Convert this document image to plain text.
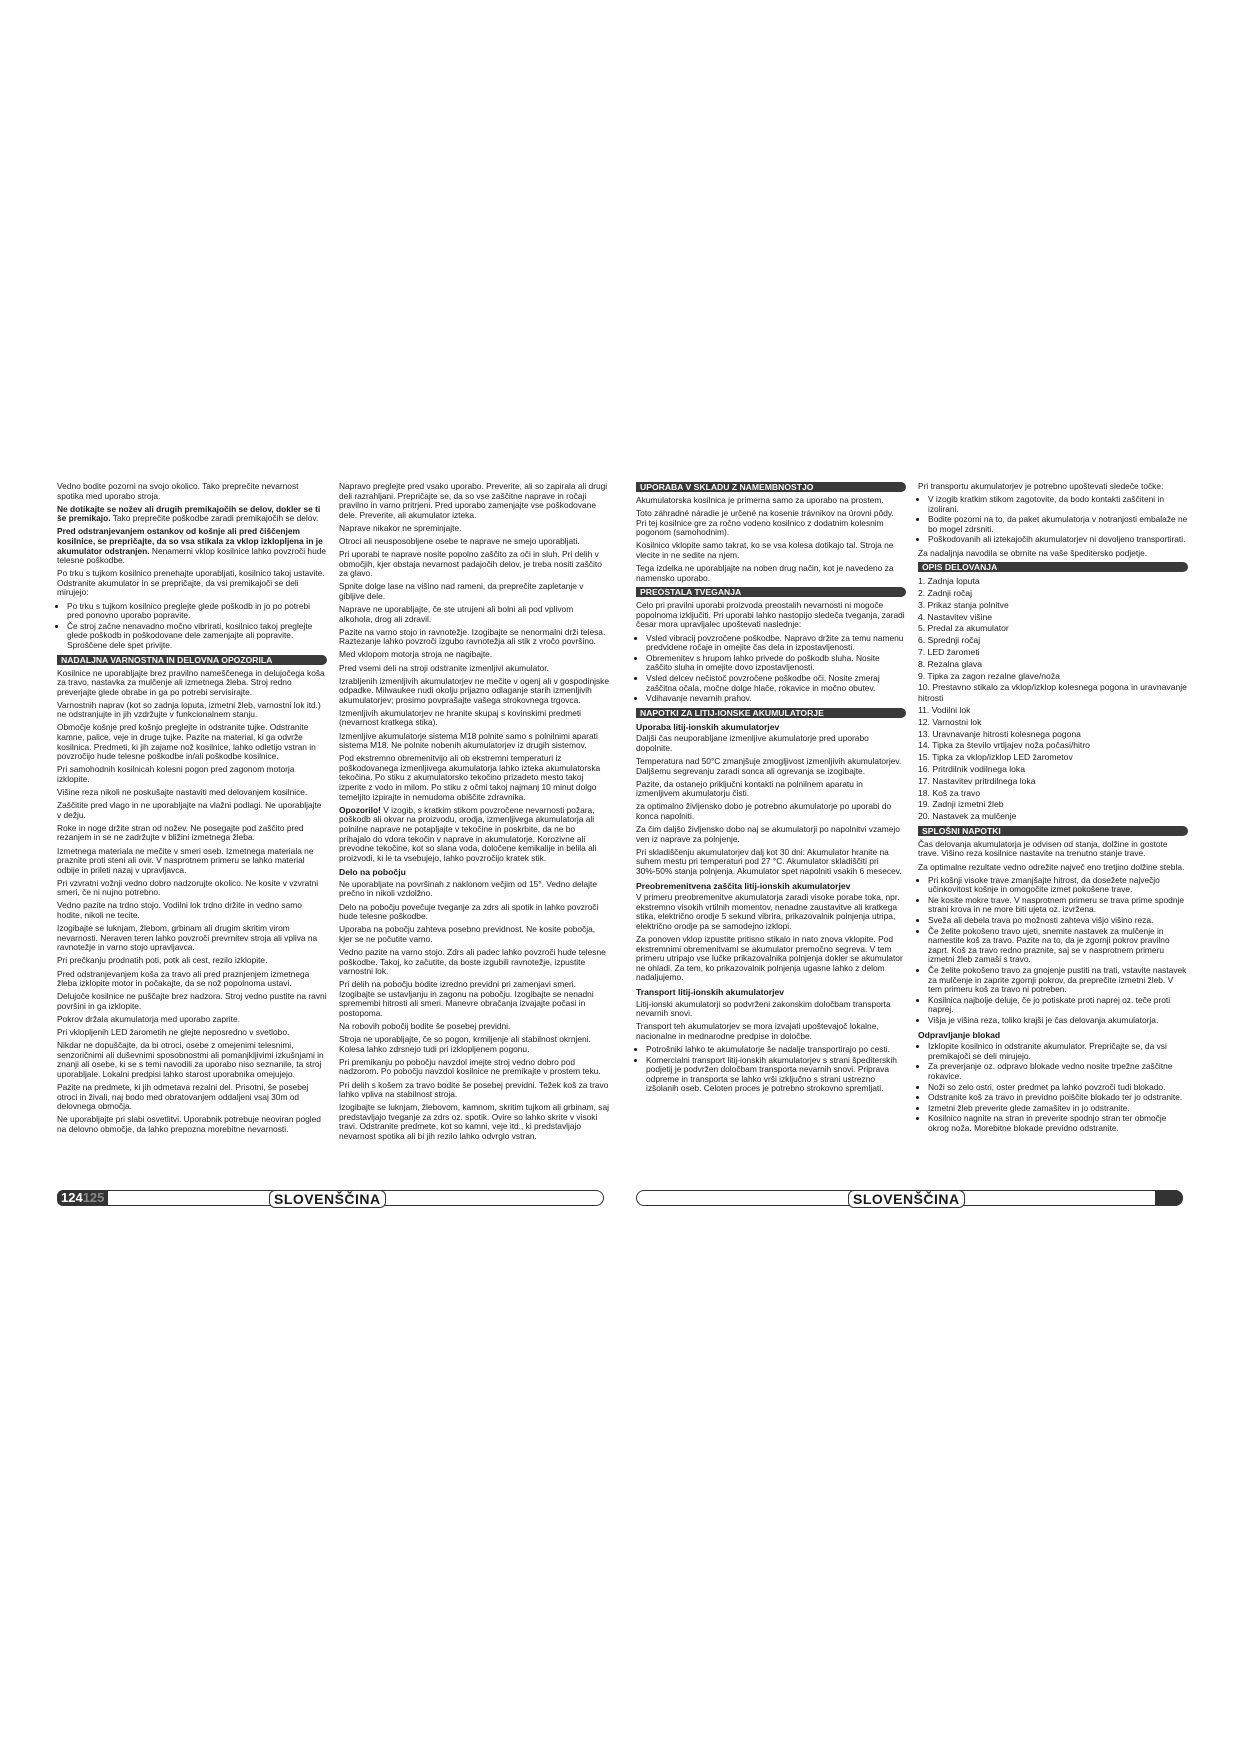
Vedno bodite pozorni na svojo okolico. Tako preprečite nevarnost spotika med uporabo stroja.

Ne dotikajte se nožev ali drugih premikajočih se delov, dokler se ti še premikajo. Tako preprečite poškodbe zaradi premikajočih se delov.

Pred odstranjevanjem ostankov od košnje ali pred čiščenjem kosilnice, se prepričajte, da so vsa stikala za vklop izklopljena in je akumulator odstranjen. Nenamerni vklop kosilnice lahko povzroči hude telesne poškodbe.

Po trku s tujkom kosilnico prenehajte uporabljati, kosilnico takoj ustavite.

Odstranite akumulator in se prepričajte, da vsi premikajoči se deli mirujejo:

• Po trku s tujkom kosilnico preglejte glede poškodb in jo po potrebi pred ponovno uporabo popravite.
• Če stroj začne nenavadno močno vibrirati, kosilnico takoj preglejte glede poškodb in poškodovane dele zamenjajte ali popravite. Sproščene dele spet privijte.
NADALJNA VARNOSTNA IN DELOVNA OPOZORILA

Kosilnice ne uporabljajte brez pravilno nameščenega in delujočega koša za travo, nastavka za mulčenje ali izmetnega žleba. Stroj redno preverjajte glede obrabe in ga po potrebi servisirajte.

Varnostnih naprav (kot so zadnja loputa, izmetni žleb, varnostni lok itd.) ne odstranjujte in jih vzdržujte v funkcionalnem stanju.

Območje košnje pred košnjo preglejte in odstranite tujke. Odstranite kamne, palice, veje in druge tujke. Pazite na material, ki ga odvrže kosilnica. Predmeti, ki jih zajame nož kosilnice, lahko odletijo vstran in povzročijo hude telesne poškodbe in/ali poškodbe kosilnice.

Pri samohodnih kosilnicah kolesni pogon pred zagonom motorja izklopite.

Višine reza nikoli ne poskušajte nastaviti med delovanjem kosilnice.

Zaščitite pred vlago in ne uporabljajte na vlažni podlagi. Ne uporabljajte v dežju.

Roke in noge držite stran od nožev. Ne posegajte pod zaščito pred rezanjem in se ne zadržujte v bližini izmetnega žleba.

Izmetnega materiala ne mečite v smeri oseb. Izmetnega materiala ne praznite proti steni ali ovir. V nasprotnem primeru se lahko material odbije in prileti nazaj v upravljavca.

Pri vzvratni vožnji vedno dobro nadzorujte okolico. Ne kosite v vzvratni smeri, če ni nujno potrebno.

Vedno pazite na trdno stojo. Vodilni lok trdno držite in vedno samo hodite, nikoli ne tecite.

Izogibajte se luknjam, žlebom, grbinam ali drugim skritim virom nevarnosti. Neraven teren lahko povzroči prevrnitev stroja ali vpliva na ravnotežje in varno stojo upravljavca.

Pri prečkanju prodnatih poti, potk ali cest, rezilo izklopite.

Pred odstranjevanjem koša za travo ali pred praznjenjem izmetnega žleba izklopite motor in počakajte, da se nož popolnoma ustavi.

Delujoče kosilnice ne puščajte brez nadzora. Stroj vedno pustite na ravni površini in ga izklopite.

Pokrov držala akumulatorja med uporabo zaprite.

Pri vklopljenih LED žarometih ne glejte neposredno v svetlobo.

Nikdar ne dopuščajte, da bi otroci, osebe z omejenimi telesnimi, senzoričnimi ali duševnimi sposobnostmi ali pomanjkljivimi izkušnjami in znanji ali osebe, ki se s temi navodili za uporabo niso seznanile, ta stroj uporabljale. Lokalni predpisi lahko starost uporabnika omejujejo.

Pazite na predmete, ki jih odmetava rezalni del. Prisotni, še posebej otroci in živali, naj bodo med obratovanjem oddaljeni vsaj 30m od delovnega območja.

Ne uporabljajte pri slabi osvetlitvi. Uporabnik potrebuje neoviran pogled na delovno območje, da lahko prepozna morebitne nevarnosti.

Napravo preglejte pred vsako uporabo. Preverite, ali so zapirala ali drugi deli razrahljani. Prepričajte se, da so vse zaščitne naprave in ročaji pravilno in varno pritrjeni. Pred uporabo zamenjajte vse poškodovane dele. Preverite, ali akumulator izteka.

Naprave nikakor ne spreminjajte.

Otroci ali neusposobljene osebe te naprave ne smejo uporabljati.

Pri uporabi te naprave nosite popolno zaščito za oči in sluh. Pri delih v območjih, kjer obstaja nevarnost padajočih delov, je treba nositi zaščito za glavo.

Spnite dolge lase na višino nad rameni, da preprečite zapletanje v gibljive dele.

Naprave ne uporabljajte, če ste utrujeni ali bolni ali pod vplivom alkohola, drog ali zdravil.

Pazite na varno stojo in ravnotežje. Izogibajte se nenormalni drži telesa. Raztezanje lahko povzroči izgubo ravnotežja ali stik z vročo površino.

Med vklopom motorja stroja ne nagibajte.

Pred vsemi deli na stroji odstranite izmenljivi akumulator.

Izrabljenih izmenljivih akumulatorjev ne mečite v ogenj ali v gospodinjske odpadke. Milwaukee nudi okolju prijazno odlaganje starih izmenljivih akumulatorjev; prosimo povprašajte vašega strokovnega trgovca.

Izmenljivih akumulatorjev ne hranite skupaj s kovinskimi predmeti (nevarnost kratkega stika).

Izmenljive akumulatorje sistema M18 polnite samo s polnilnimi aparati sistema M18. Ne polnite nobenih akumulatorjev iz drugih sistemov.

Pod ekstremno obremenitvijo ali ob ekstremni temperaturi iz poškodovanega izmenljivega akumulatorja lahko izteka akumulatorska tekočina. Po stiku z akumulatorsko tekočino prizadeto mesto takoj izperite z vodo in milom. Po stiku z očmi takoj najmanj 10 minut dolgo temeljito izpirajte in nemudoma obiščite zdravnika.

Opozorilo! V izogib, s kratkim stikom povzročene nevarnosti požara, poškodb ali okvar na proizvodu, orodja, izmenljivega akumulatorja ali polnilne naprave ne potapljajte v tekočine in poskrbite, da ne bo prihajalo do vdora tekočin v naprave in akumulatorje. Korozivne ali prevodne tekočine, kot so slana voda, določene kemikalije in belila ali proizvodi, ki le ta vsebujejo, lahko povzročijo kratek stik.

Delo na pobočju

Ne uporabljate na površinah z naklonom večjim od 15°. Vedno delajte prečno in nikoli vzdolžno.

Delo na pobočju povečuje tveganje za zdrs ali spotik in lahko povzroči hude telesne poškodbe.

Uporaba na pobočju zahteva posebno previdnost. Ne kosite pobočja, kjer se ne počutite varno.

Vedno pazite na varno stojo. Zdrs ali padec lahko povzroči hude telesne poškodbe. Takoj, ko začutite, da boste izgubili ravnotežje, izpustite varnostni lok.

Pri delih na pobočju bodite izredno previdni pri zamenjavi smeri. Izogibajte se ustavljanju in zagonu na pobočju. Izogibajte se nenadni spremembi hitrosti ali smeri. Manevre obračanja izvajajte počasi in postopoma.

Na robovih pobočij bodite še posebej previdni.

Stroja ne uporabljajte, če so pogon, krmiljenje ali stabilnost okrnjeni. Kolesa lahko zdrsnejo tudi pri izklopljenem pogonu.

Pri premikanju po pobočju navzdol imejte stroj vedno dobro pod nadzorom. Po pobočju navzdol kosilnice ne premikajte v prostem teku.

Pri delih s košem za travo bodite še posebej previdni. Težek koš za travo lahko vpliva na stabilnost stroja.

Izogibajte se luknjam, žlebovom, kamnom, skritim tujkom ali grbinam, saj predstavljajo tveganje za zdrs oz. spotik. Ovire so lahko skrite v visoki travi. Odstranite predmete, kot so kamni, veje itd., ki predstavljajo nevarnost spotika ali bi jih rezilo lahko odvrglo vstran.

UPORABA V SKLADU Z NAMEMBNOSTJO

Akumulatorska kosilnica je primerna samo za uporabo na prostem.

Toto záhradné náradie je určené na kosenie trávnikov na úrovni pôdy. Pri tej kosilnice gre za ročno vodeno kosilnico z dodatnim kolesnim pogonom (samohodnim).

Kosilnico vklopite samo takrat, ko se vsa kolesa dotikajo tal. Stroja ne vlecite in ne sedite na njem.

Tega izdelka ne uporabljajte na noben drug način, kot je navedeno za namensko uporabo.

PREOSTALA TVEGANJA

Celo pri pravilni uporabi proizvoda preostalih nevarnosti ni mogoče popolnoma izključiti. Pri uporabi lahko nastopijo sledeča tveganja, zaradi česar mora upravljalec upoštevati naslednje:

• Vsled vibracij povzročene poškodbe. Napravo držite za temu namenu predvidene ročaje in omejite čas dela in izpostavljenosti.
• Obremenitev s hrupom lahko privede do poškodb sluha. Nosite zaščito sluha in omejite dovo izpostavljenosti.
• Vsled delcev nečistoč povzročene poškodbe oči. Nosite zmeraj zaščitna očala, močne dolge hlače, rokavice in močno obutev.
• Vdihavanje nevarnih prahov.
NAPOTKI ZA LITIJ-IONSKE AKUMULATORJE
Uporaba litij-ionskih akumulatorjev

Daljši čas neuporabljane izmenljive akumulatorje pred uporabo dopolnite.

Temperatura nad 50°C zmanjšuje zmogljivost izmenljivih akumulatorjev. Daljšemu segrevanju zaradi sonca ali ogrevanja se izogibajte.

Pazite, da ostanejo priključni kontakti na polnilnem aparatu in izmenljivem akumulatorju čisti.

za optimalno življensko dobo je potrebno akumulatorje po uporabi do konca napolniti.

Za čim daljšo življensko dobo naj se akumulatorji po napolnitvi vzamejo ven iz naprave za polnjenje.

Pri skladiščenju akumulatorjev dalj kot 30 dni: Akumulator hranite na suhem mestu pri temperaturi pod 27 °C. Akumulator skladiščiti pri 30%-50% stanja polnjenja. Akumulator spet napolniti vsakih 6 mesecev.

Preobremenitvena zaščita litij-ionskih akumulatorjev

V primeru preobremenitve akumulatorja zaradi visoke porabe toka, npr. ekstremno visokih vrtilnih momentov, nenadne zaustavitve ali kratkega stika, električno orodje 5 sekund vibrira, prikazovalnik polnjenja utripa, električno orodje pa se samodejno izklopi.

Za ponoven vklop izpustite pritisno stikalo in nato znova vklopite. Pod ekstremnimi obremenitvami se akumulator premočno segreva. V tem primeru utripajo vse lučke prikazovalnika polnjenja dokler se akumulator ne ohladi. Za tem, ko prikazovalnik polnjenja ugasne lahko z delom nadaljujemo.

Transport litij-ionskih akumulatorjev

Litij-ionski akumulatorji so podvrženi zakonskim določbam transporta nevarnih snovi.

Transport teh akumulatorjev se mora izvajati upoštevajoč lokalne, nacionalne in mednarodne predpise in določbe.

• Potrošniki lahko te akumulatorje še nadalje transportirajo po cesti.
• Komercialni transport litij-ionskih akumulatorjev s strani špediterskih podjetij je podvržen določbam transporta nevarnih snovi. Priprava odpreme in transporta se lahko vrši izključno s strani ustrezno izšolanih oseb. Celoten proces je potrebno strokovno spremljati.

Pri transportu akumulatorjev je potrebno upoštevati sledeče točke:

• V izogib kratkim stikom zagotovite, da bodo kontakti zaščiteni in izolirani.
• Bodite pozorni na to, da paket akumulatorja v notranjosti embalaže ne bo mogel zdrsniti.
• Poškodovanih ali iztekajočih akumulatorjev ni dovoljeno transportirati.

Za nadaljnja navodila se obrnite na vaše špeditersko podjetje.

OPIS DELOVANJA
1. Zadnja loputa
2. Zadnji ročaj
3. Prikaz stanja polnitve
4. Nastavitev višine
5. Predal za akumulator
6. Sprednji ročaj
7. LED žarometi
8. Rezalna glava
9. Tipka za zagon rezalne glave/noža
10. Prestavno stikalo za vklop/izklop kolesnega pogona in uravnavanje hitrosti
11. Vodilni lok
12. Varnostni lok
13. Uravnavanje hitrosti kolesnega pogona
14. Tipka za število vrtljajev noža počasi/hitro
15. Tipka za vklop/izklop LED žarometov
16. Pritrdilnik vodilnega loka
17. Nastavitev pritrdilnega loka
18. Koš za travo
19. Zadnji izmetni žleb
20. Nastavek za mulčenje
SPLOŠNI NAPOTKI

Čas delovanja akumulatorja je odvisen od stanja, dolžine in gostote trave. Višino reza kosilnice nastavite na trenutno stanje trave.

Za optimalne rezultate vedno odrežite največ eno tretjino dolžine stebla.

• Pri košnji visoke trave zmanjšajte hitrost, da dosežete največjo učinkovitost košnje in omogočite izmet pokošene trave.
• Ne kosite mokre trave. V nasprotnem primeru se trava prime spodnje strani krova in ne more biti ujeta oz. izvržena.
• Sveža ali debela trava po možnosti zahteva višjo višino reza.
• Če želite pokošeno travo ujeti, snemite nastavek za mulčenje in namestite koš za travo. Pazite na to, da je zgornji pokrov pravilno zaprt. Koš za travo redno praznite, saj se v nasprotnem primeru izmetni žleb zamaši s travo.
• Če želite pokošeno travo za gnojenje pustiti na trati, vstavite nastavek za mulčenje in zaprite zgornji pokrov, da preprečite izmetni žleb. V tem primeru koš za travo ni potreben.
• Kosilnica najbolje deluje, če jo potiskate proti naprej oz. teče proti naprej.
• Višja je višina reza, toliko krajši je čas delovanja akumulatorja.
Odpravljanje blokad
• Izklopite kosilnico in odstranite akumulator. Prepričajte se, da vsi premikajoči se deli mirujejo.
• Za preverjanje oz. odpravo blokade vedno nosite trpežne zaščitne rokavice.
• Noži so zelo ostri, oster predmet pa lahko povzroči tudi blokado.
• Odstranite koš za travo in previdno poiščite blokado ter jo odstranite.
• Izmetni žleb preverite glede zamašitev in jo odstranite.
• Kosilnico nagnite na stran in preverite spodnjo stran ter območje okrog noža. Morebitne blokade previdno odstranite.
124125	SLOVENŠČINA	SLOVENŠČINA
